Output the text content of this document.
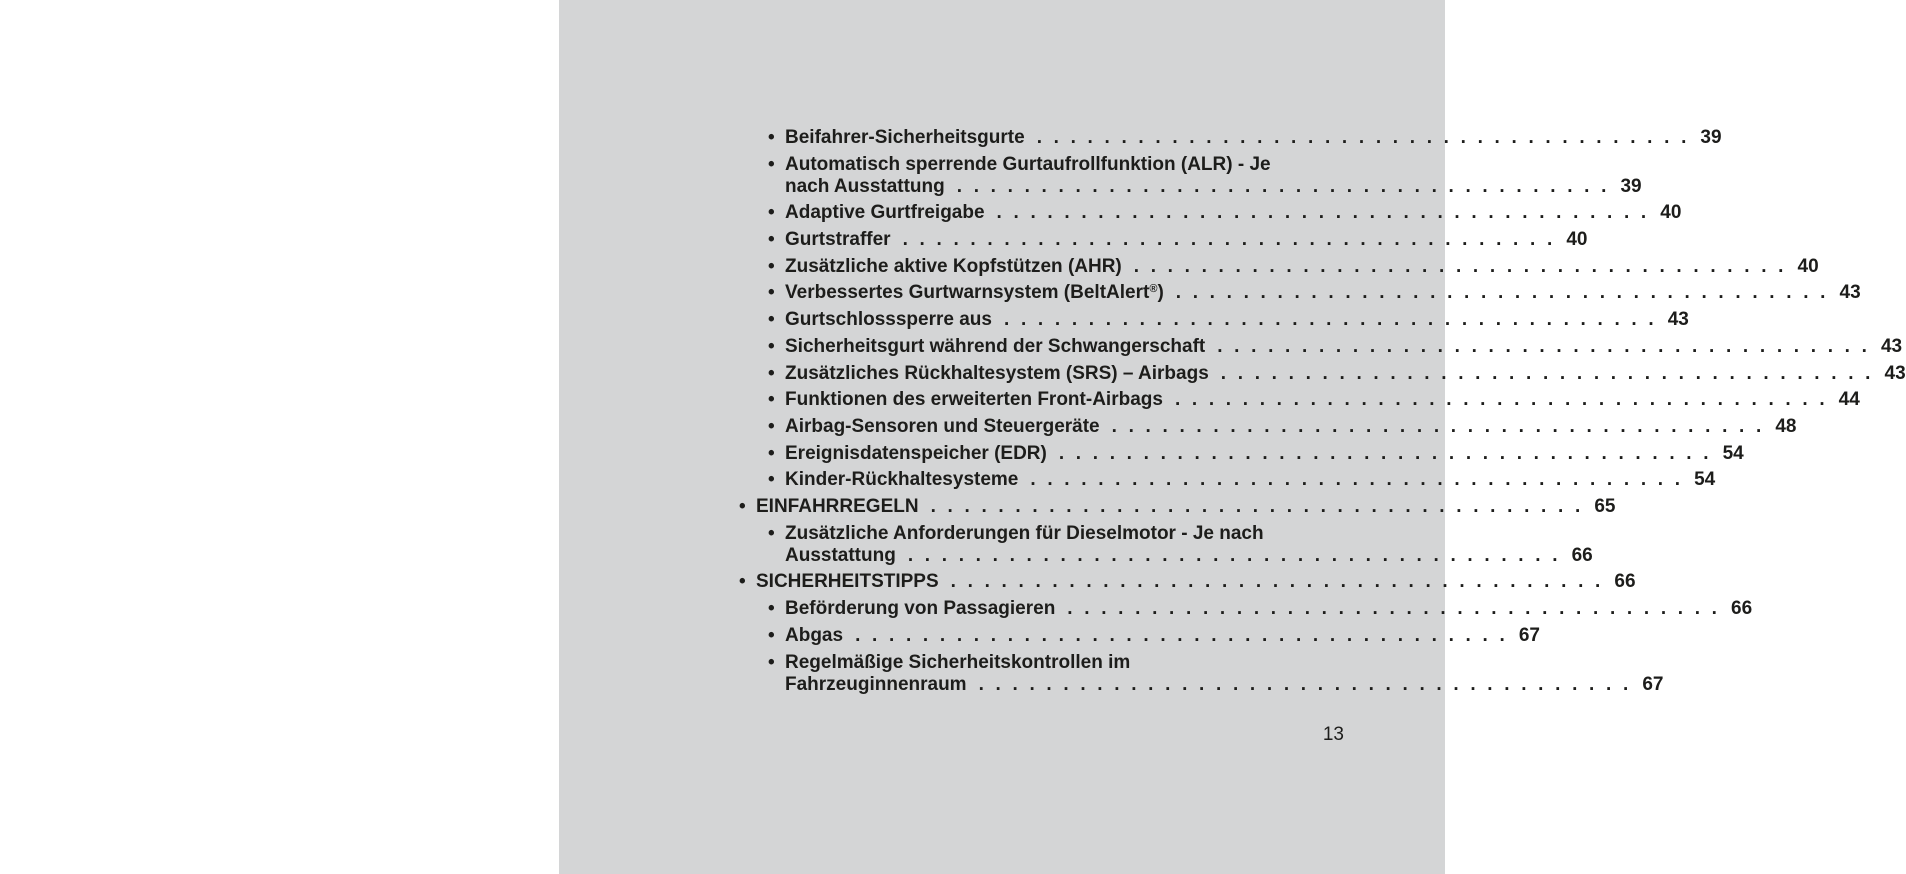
• Beifahrer-Sicherheitsgurte . . . . . . . . . . . . . . . . . . . . . . . . . . . . . . . . . . . . . . . 39
• Automatisch sperrende Gurtaufrollfunktion (ALR) - Je
nach Ausstattung . . . . . . . . . . . . . . . . . . . . . . . . . . . . . . . . . . . . . . . 39
• Adaptive Gurtfreigabe . . . . . . . . . . . . . . . . . . . . . . . . . . . . . . . . . . . . . . . 40
• Gurtstraffer . . . . . . . . . . . . . . . . . . . . . . . . . . . . . . . . . . . . . . . 40
• Zusätzliche aktive Kopfstützen (AHR) . . . . . . . . . . . . . . . . . . . . . . . . . . . . . . . . . . . . . . . 40
• Verbessertes Gurtwarnsystem (BeltAlert®) . . . . . . . . . . . . . . . . . . . . . . . . . . . . . . . . . . . . . . . 43
• Gurtschlosssperre aus . . . . . . . . . . . . . . . . . . . . . . . . . . . . . . . . . . . . . . . 43
• Sicherheitsgurt während der Schwangerschaft . . . . . . . . . . . . . . . . . . . . . . . . . . . . . . . . . . . . . . . 43
• Zusätzliches Rückhaltesystem (SRS) – Airbags . . . . . . . . . . . . . . . . . . . . . . . . . . . . . . . . . . . . . . . 43
• Funktionen des erweiterten Front-Airbags . . . . . . . . . . . . . . . . . . . . . . . . . . . . . . . . . . . . . . . 44
• Airbag-Sensoren und Steuergeräte . . . . . . . . . . . . . . . . . . . . . . . . . . . . . . . . . . . . . . . 48
• Ereignisdatenspeicher (EDR) . . . . . . . . . . . . . . . . . . . . . . . . . . . . . . . . . . . . . . . 54
• Kinder-Rückhaltesysteme . . . . . . . . . . . . . . . . . . . . . . . . . . . . . . . . . . . . . . . 54
• EINFAHRREGELN . . . . . . . . . . . . . . . . . . . . . . . . . . . . . . . . . . . . . . . 65
• Zusätzliche Anforderungen für Dieselmotor - Je nach
Ausstattung . . . . . . . . . . . . . . . . . . . . . . . . . . . . . . . . . . . . . . . 66
• SICHERHEITSTIPPS . . . . . . . . . . . . . . . . . . . . . . . . . . . . . . . . . . . . . . . 66
• Beförderung von Passagieren . . . . . . . . . . . . . . . . . . . . . . . . . . . . . . . . . . . . . . . 66
• Abgas . . . . . . . . . . . . . . . . . . . . . . . . . . . . . . . . . . . . . . . 67
• Regelmäßige Sicherheitskontrollen im
Fahrzeuginnenraum . . . . . . . . . . . . . . . . . . . . . . . . . . . . . . . . . . . . . . . 67
13
